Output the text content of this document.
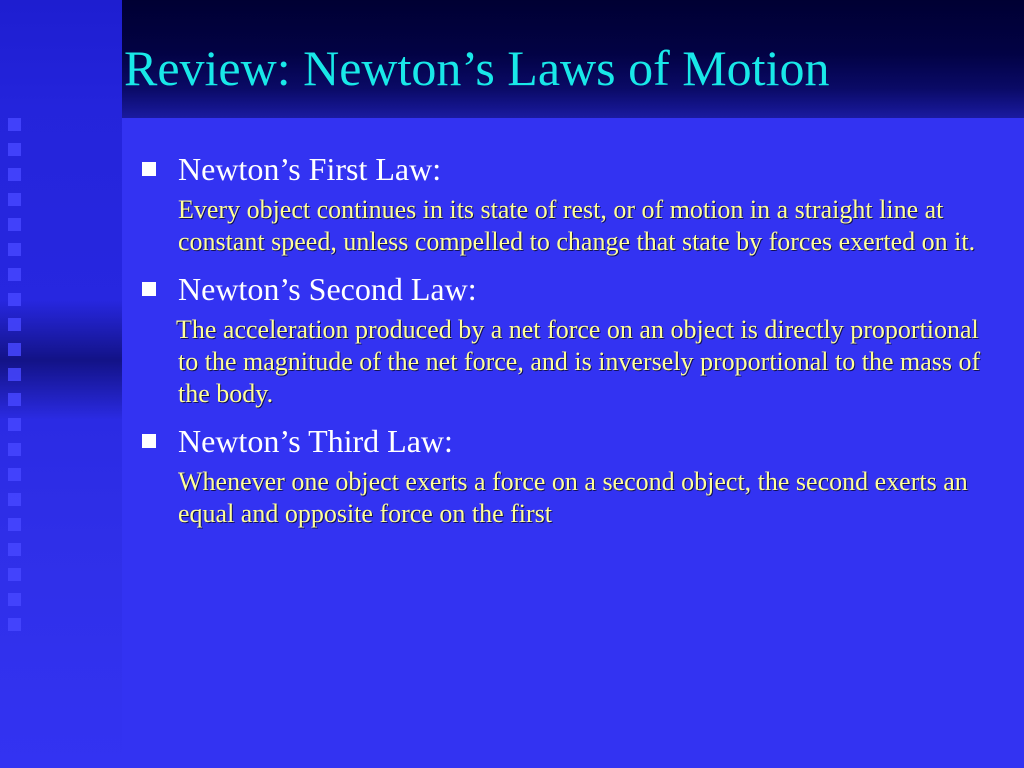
Review: Newton’s Laws of Motion
Newton’s First Law:
Every object continues in its state of rest, or of motion in a straight line at constant speed, unless compelled to change that state by forces exerted on it.
Newton’s Second Law:
The acceleration produced by a net force on an object is directly proportional to the magnitude of the net force, and is inversely proportional to the mass of the body.
Newton’s Third Law:
Whenever one object exerts a force on a second object, the second exerts an equal and opposite force on the first
